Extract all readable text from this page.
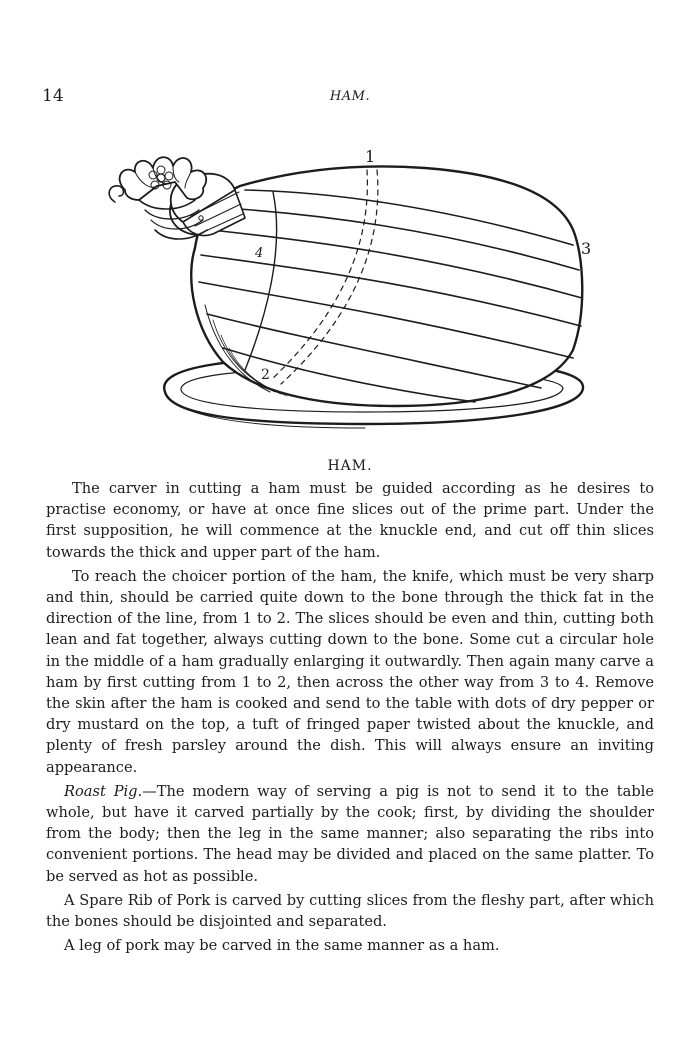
14	HAM.
1
2
3
4
HAM.

The carver in cutting a ham must be guided according as he desires to practise economy, or have at once fine slices out of the prime part. Under the first supposition, he will commence at the knuckle end, and cut off thin slices towards the thick and upper part of the ham.

To reach the choicer portion of the ham, the knife, which must be very sharp and thin, should be carried quite down to the bone through the thick fat in the direction of the line, from 1 to 2. The slices should be even and thin, cutting both lean and fat together, always cutting down to the bone. Some cut a circular hole in the middle of a ham gradually enlarging it outwardly. Then again many carve a ham by first cutting from 1 to 2, then across the other way from 3 to 4. Remove the skin after the ham is cooked and send to the table with dots of dry pepper or dry mustard on the top, a tuft of fringed paper twisted about the knuckle, and plenty of fresh parsley around the dish. This will always ensure an inviting appearance.

Roast Pig.—The modern way of serving a pig is not to send it to the table whole, but have it carved partially by the cook; first, by dividing the shoulder from the body; then the leg in the same manner; also separating the ribs into convenient portions. The head may be divided and placed on the same platter. To be served as hot as possible.

A Spare Rib of Pork is carved by cutting slices from the fleshy part, after which the bones should be disjointed and separated.

A leg of pork may be carved in the same manner as a ham.
